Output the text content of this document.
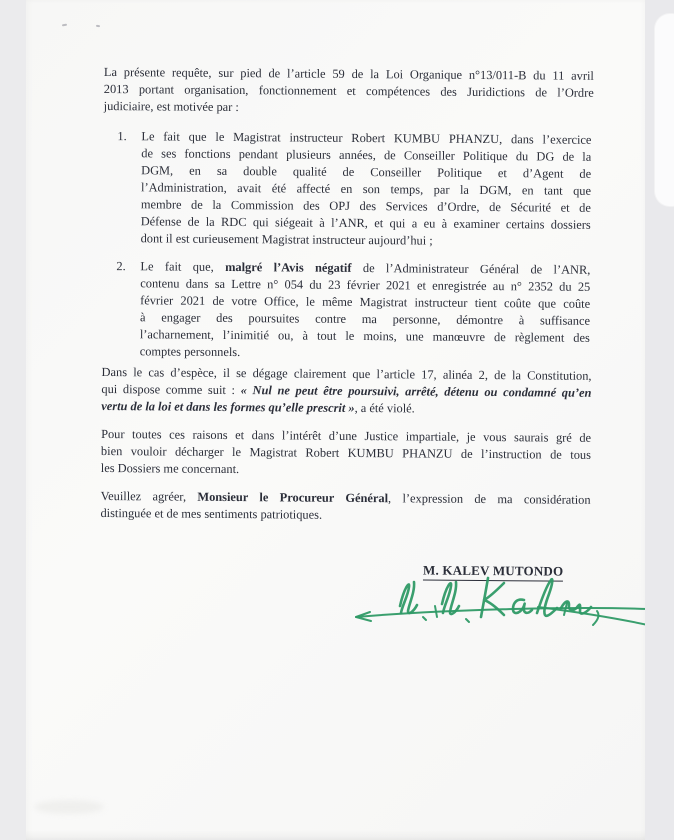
La présente requête, sur pied de l’article 59 de la Loi Organique n°13/011-B du 11 avril
2013 portant organisation, fonctionnement et compétences des Juridictions de l’Ordre
judiciaire, est motivée par :
1. Le fait que le Magistrat instructeur Robert KUMBU PHANZU, dans l’exercice
de ses fonctions pendant plusieurs années, de Conseiller Politique du DG de la
DGM, en sa double qualité de Conseiller Politique et d’Agent de
l’Administration, avait été affecté en son temps, par la DGM, en tant que
membre de la Commission des OPJ des Services d’Ordre, de Sécurité et de
Défense de la RDC qui siégeait à l’ANR, et qui a eu à examiner certains dossiers
dont il est curieusement Magistrat instructeur aujourd’hui ;
2. Le fait que, malgré l’Avis négatif de l’Administrateur Général de l’ANR,
contenu dans sa Lettre n° 054 du 23 février 2021 et enregistrée au n° 2352 du 25
février 2021 de votre Office, le même Magistrat instructeur tient coûte que coûte
à engager des poursuites contre ma personne, démontre à suffisance
l’acharnement, l’inimitié ou, à tout le moins, une manœuvre de règlement des
comptes personnels.
Dans le cas d’espèce, il se dégage clairement que l’article 17, alinéa 2, de la Constitution,
qui dispose comme suit : « Nul ne peut être poursuivi, arrêté, détenu ou condamné qu’en
vertu de la loi et dans les formes qu’elle prescrit », a été violé.
Pour toutes ces raisons et dans l’intérêt d’une Justice impartiale, je vous saurais gré de
bien vouloir décharger le Magistrat Robert KUMBU PHANZU de l’instruction de tous
les Dossiers me concernant.
Veuillez agréer, Monsieur le Procureur Général, l’expression de ma considération
distinguée et de mes sentiments patriotiques.
M. KALEV MUTONDO
